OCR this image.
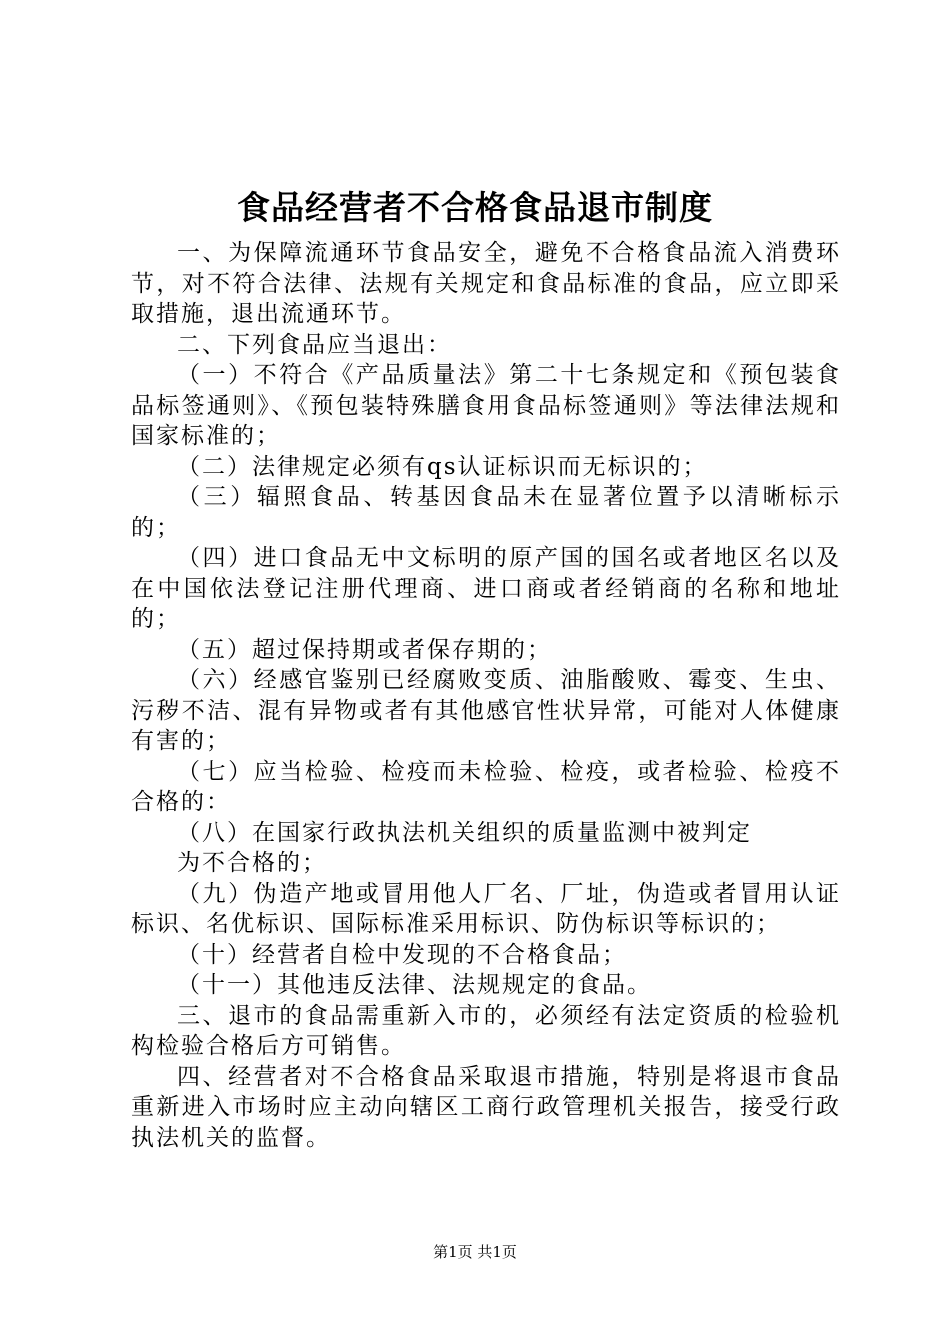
食品经营者不合格食品退市制度

一、为保障流通环节食品安全，避免不合格食品流入消费环节，对不符合法律、法规有关规定和食品标准的食品，应立即采取措施，退出流通环节。

二、下列食品应当退出：

（一）不符合《产品质量法》第二十七条规定和《预包装食品标签通则》、《预包装特殊膳食用食品标签通则》等法律法规和国家标准的；

（二）法律规定必须有qs认证标识而无标识的；

（三）辐照食品、转基因食品未在显著位置予以清晰标示的；

（四）进口食品无中文标明的原产国的国名或者地区名以及在中国依法登记注册代理商、进口商或者经销商的名称和地址的；

（五）超过保持期或者保存期的；

（六）经感官鉴别已经腐败变质、油脂酸败、霉变、生虫、污秽不洁、混有异物或者有其他感官性状异常，可能对人体健康有害的；

（七）应当检验、检疫而未检验、检疫，或者检验、检疫不合格的：

（八）在国家行政执法机关组织的质量监测中被判定

为不合格的；

（九）伪造产地或冒用他人厂名、厂址，伪造或者冒用认证标识、名优标识、国际标准采用标识、防伪标识等标识的；

（十）经营者自检中发现的不合格食品；

（十一）其他违反法律、法规规定的食品。

三、退市的食品需重新入市的，必须经有法定资质的检验机构检验合格后方可销售。

四、经营者对不合格食品采取退市措施，特别是将退市食品重新进入市场时应主动向辖区工商行政管理机关报告，接受行政执法机关的监督。

第1页 共1页
